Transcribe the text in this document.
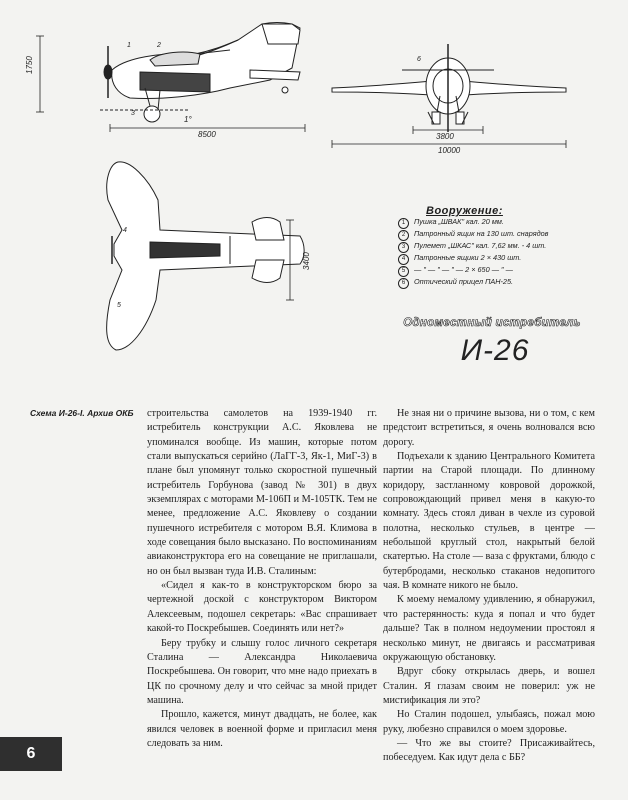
1750
8500
1°
3800
10000
3400
1	2
3
4
5
6
Вооружение:
1	Пушка „ШВАК" кал. 20 мм.
2	Патронный ящик на 130 шт. снарядов
3	Пулемет „ШКАС" кал. 7,62 мм. - 4 шт.
4	Патронные ящики 2 × 430 шт.
5	— ″ — ″ — ″ — 2 × 650 — ″ —
6	Оптический прицел ПАН-25.
Одноместный истребитель
И-26
Схема И-26-I. Архив ОКБ строительства самолетов на 1939-1940 гг. истребитель конструкции А.С. Яковлева не упоминался вообще. Из машин, которые потом стали выпускаться серийно (ЛаГГ-3, Як-1, МиГ-3) в плане был упомянут только скоростной пушечный истребитель Горбунова (завод № 301) в двух экземплярах с моторами М-106П и М-105ТК. Тем не менее, предложение А.С. Яковлеву о создании пушечного истребителя с мотором В.Я. Климова в ходе совещания было высказано. По воспоминаниям авиаконструктора его на совещание не приглашали, но он был вызван туда И.В. Сталиным:

«Сидел я как-то в конструкторском бюро за чертежной доской с конструктором Виктором Алексеевым, подошел секретарь: «Вас спрашивает какой-то Поскребышев. Соединять или нет?»

Беру трубку и слышу голос личного секретаря Сталина — Александра Николаевича Поскребышева. Он говорит, что мне надо приехать в ЦК по срочному делу и что сейчас за мной придет машина.

Прошло, кажется, минут двадцать, не более, как явился человек в военной форме и пригласил меня следовать за ним.

Не зная ни о причине вызова, ни о том, с кем предстоит встретиться, я очень волновался всю дорогу.

Подъехали к зданию Центрального Комитета партии на Старой площади. По длинному коридору, застланному ковровой дорожкой, сопровождающий привел меня в какую-то комнату. Здесь стоял диван в чехле из суровой полотна, несколько стульев, в центре — небольшой круглый стол, накрытый белой скатертью. На столе — ваза с фруктами, блюдо с бутербродами, несколько стаканов недопитого чая. В комнате никого не было.

К моему немалому удивлению, я обнаружил, что растерянность: куда я попал и что будет дальше? Так в полном недоумении простоял я несколько минут, не двигаясь и рассматривая окружающую обстановку.

Вдруг сбоку открылась дверь, и вошел Сталин. Я глазам своим не поверил: уж не мистификация ли это?

Но Сталин подошел, улыбаясь, пожал мою руку, любезно справился о моем здоровье.

— Что же вы стоите? Присаживайтесь, побеседуем. Как идут дела с ББ?

6
